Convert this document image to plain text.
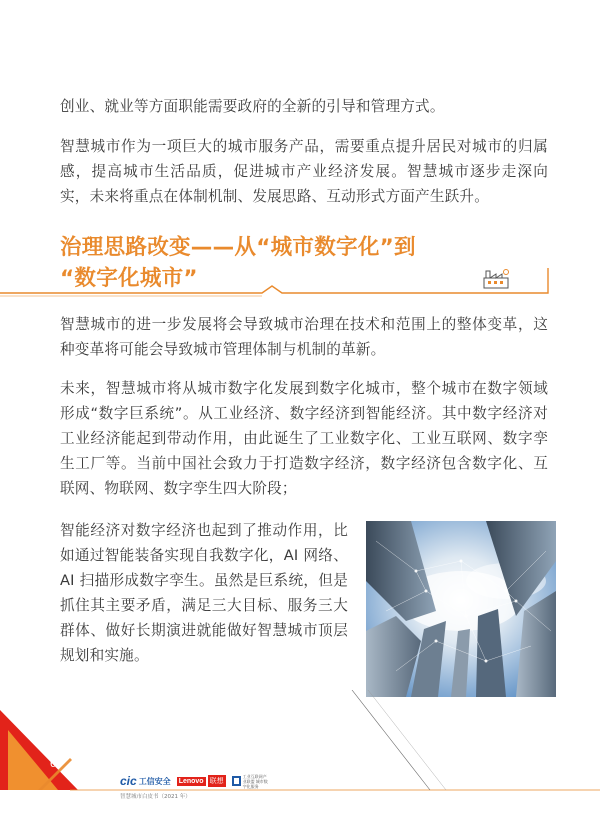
创业、就业等方面职能需要政府的全新的引导和管理方式。

智慧城市作为一项巨大的城市服务产品，需要重点提升居民对城市的归属感，提高城市生活品质，促进城市产业经济发展。智慧城市逐步走深向实，未来将重点在体制机制、发展思路、互动形式方面产生跃升。

治理思路改变——从“城市数字化”到
“数字化城市”

智慧城市的进一步发展将会导致城市治理在技术和范围上的整体变革，这种变革将可能会导致城市管理体制与机制的革新。

未来，智慧城市将从城市数字化发展到数字化城市，整个城市在数字领域形成“数字巨系统”。从工业经济、数字经济到智能经济。其中数字经济对工业经济能起到带动作用，由此诞生了工业数字化、工业互联网、数字孪生工厂等。当前中国社会致力于打造数字经济，数字经济包含数字化、互联网、物联网、数字孪生四大阶段；

智能经济对数字经济也起到了推动作用，比如通过智能装备实现自我数字化，AI 网络、AI 扫描形成数字孪生。虽然是巨系统，但是抓住其主要矛盾，满足三大目标、服务三大群体、做好长期演进就能做好智慧城市顶层规划和实施。

60
cic 工信安全 Lenovo 联想
工业互联网产业联盟 城市数字化服务
智慧城市白皮书（2021 年）
